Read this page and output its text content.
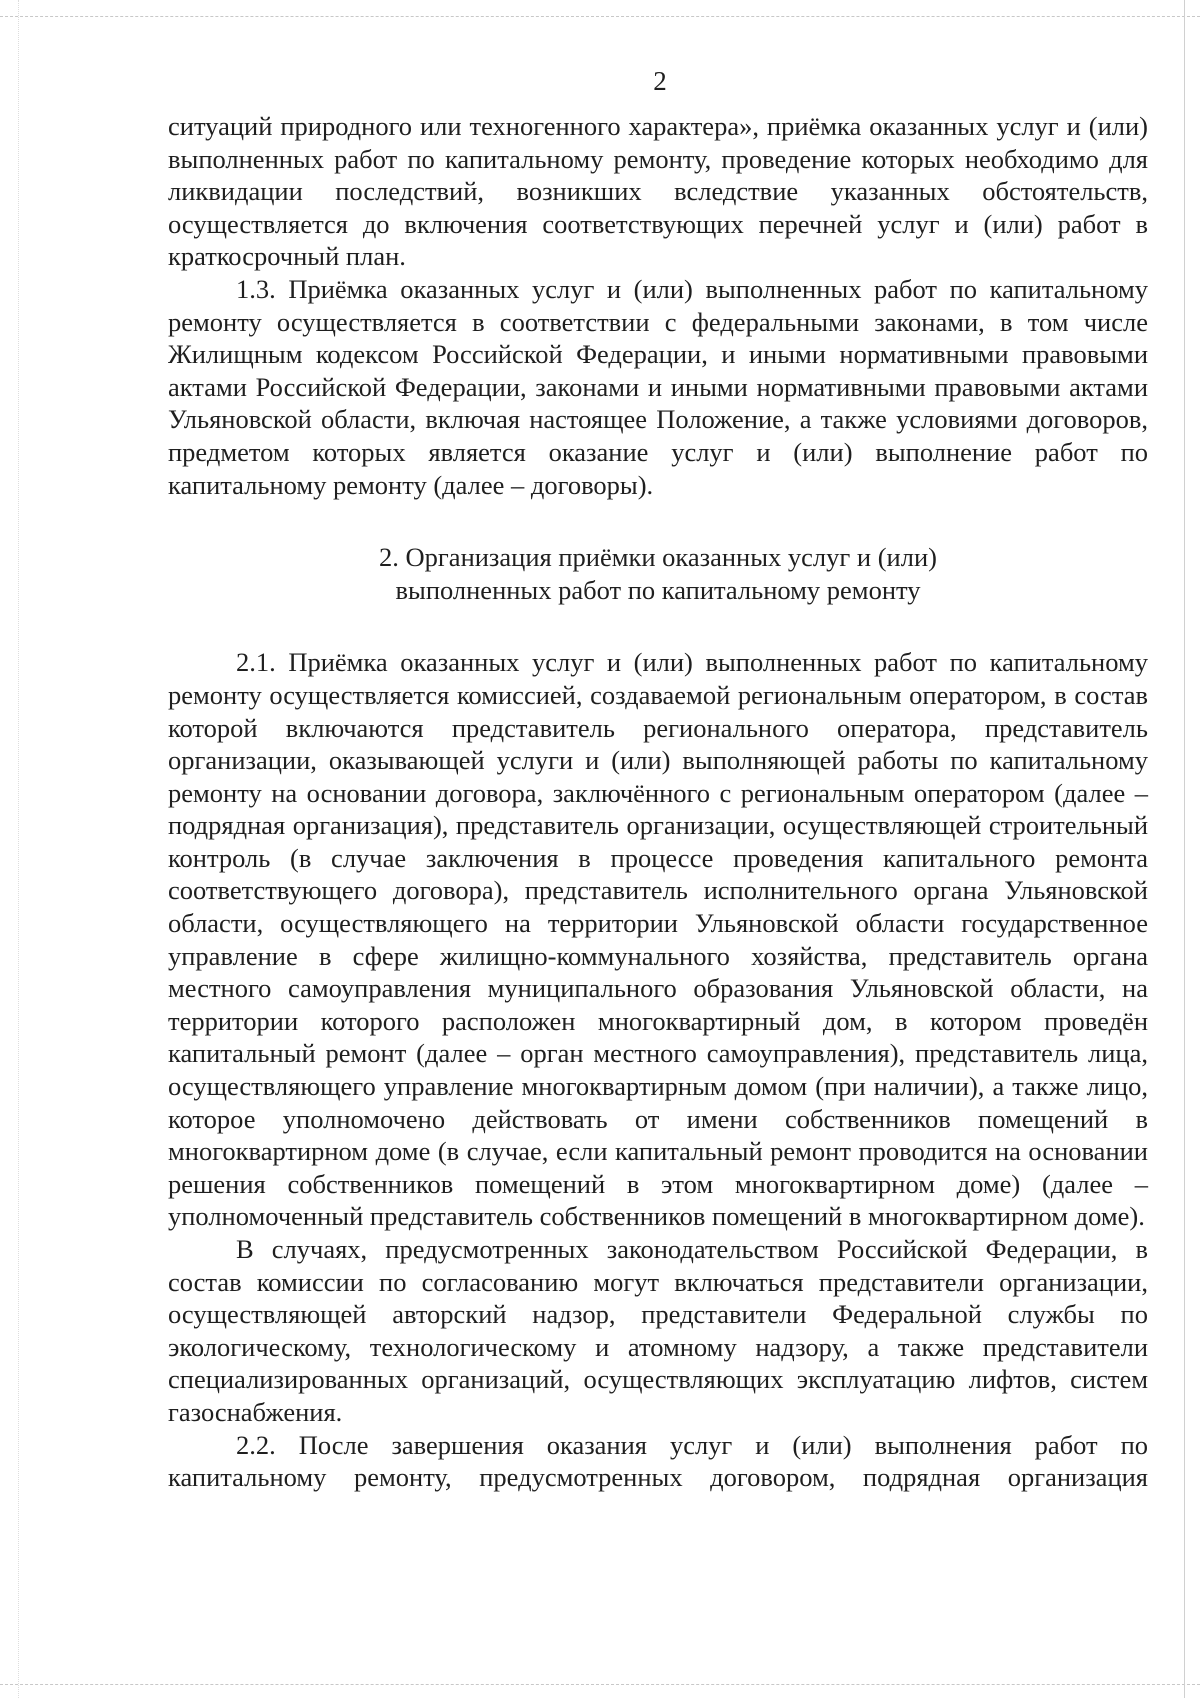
2

ситуаций природного или техногенного характера», приёмка оказанных услуг и (или) выполненных работ по капитальному ремонту, проведение которых необходимо для ликвидации последствий, возникших вследствие указанных обстоятельств, осуществляется до включения соответствующих перечней услуг и (или) работ в краткосрочный план.

1.3. Приёмка оказанных услуг и (или) выполненных работ по капитальному ремонту осуществляется в соответствии с федеральными законами, в том числе Жилищным кодексом Российской Федерации, и иными нормативными правовыми актами Российской Федерации, законами и иными нормативными правовыми актами Ульяновской области, включая настоящее Положение, а также условиями договоров, предметом которых является оказание услуг и (или) выполнение работ по капитальному ремонту (далее – договоры).

2. Организация приёмки оказанных услуг и (или)
выполненных работ по капитальному ремонту

2.1. Приёмка оказанных услуг и (или) выполненных работ по капитальному ремонту осуществляется комиссией, создаваемой региональным оператором, в состав которой включаются представитель регионального оператора, представитель организации, оказывающей услуги и (или) выполняющей работы по капитальному ремонту на основании договора, заключённого с региональным оператором (далее – подрядная организация), представитель организации, осуществляющей строительный контроль (в случае заключения в процессе проведения капитального ремонта соответствующего договора), представитель исполнительного органа Ульяновской области, осуществляющего на территории Ульяновской области государственное управление в сфере жилищно-коммунального хозяйства, представитель органа местного самоуправления муниципального образования Ульяновской области, на территории которого расположен многоквартирный дом, в котором проведён капитальный ремонт (далее – орган местного самоуправления), представитель лица, осуществляющего управление многоквартирным домом (при наличии), а также лицо, которое уполномочено действовать от имени собственников помещений в многоквартирном доме (в случае, если капитальный ремонт проводится на основании решения собственников помещений в этом многоквартирном доме) (далее – уполномоченный представитель собственников помещений в многоквартирном доме).

В случаях, предусмотренных законодательством Российской Федерации, в состав комиссии по согласованию могут включаться представители организации, осуществляющей авторский надзор, представители Федеральной службы по экологическому, технологическому и атомному надзору, а также представители специализированных организаций, осуществляющих эксплуатацию лифтов, систем газоснабжения.

2.2. После завершения оказания услуг и (или) выполнения работ по капитальному ремонту, предусмотренных договором, подрядная организация
